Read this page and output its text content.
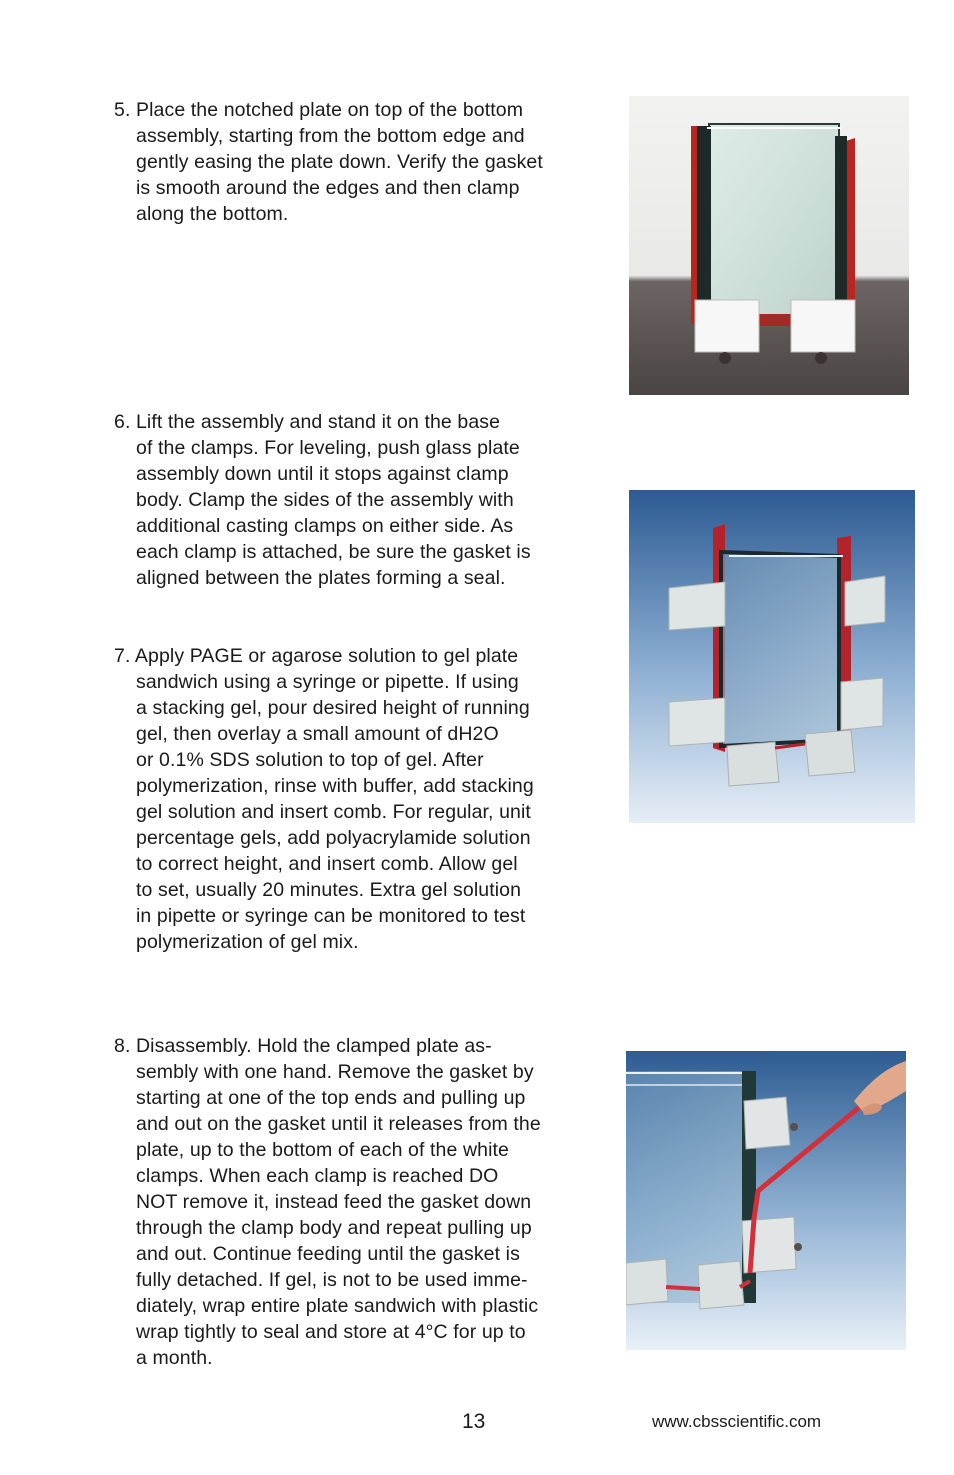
5. Place the notched plate on top of the bottom
assembly, starting from the bottom edge and
gently easing the plate down. Verify the gasket
is smooth around the edges and then clamp
along the bottom.
6. Lift the assembly and stand it on the base
of the clamps. For leveling, push glass plate
assembly down until it stops against clamp
body. Clamp the sides of the assembly with
additional casting clamps on either side. As
each clamp is attached, be sure the gasket is
aligned between the plates forming a seal.
7. Apply PAGE or agarose solution to gel plate
sandwich using a syringe or pipette. If using
a stacking gel, pour desired height of running
gel, then overlay a small amount of dH2O
or 0.1% SDS solution to top of gel. After
polymerization, rinse with buffer, add stacking
gel solution and insert comb. For regular, unit
percentage gels, add polyacrylamide solution
to correct height, and insert comb. Allow gel
to set, usually 20 minutes. Extra gel solution
in pipette or syringe can be monitored to test
polymerization of gel mix.
8. Disassembly. Hold the clamped plate as-
sembly with one hand. Remove the gasket by
starting at one of the top ends and pulling up
and out on the gasket until it releases from the
plate, up to the bottom of each of the white
clamps. When each clamp is reached DO
NOT remove it, instead feed the gasket down
through the clamp body and repeat pulling up
and out. Continue feeding until the gasket is
fully detached. If gel, is not to be used imme-
diately, wrap entire plate sandwich with plastic
wrap tightly to seal and store at 4°C for up to
a month.
13	www.cbsscientific.com
